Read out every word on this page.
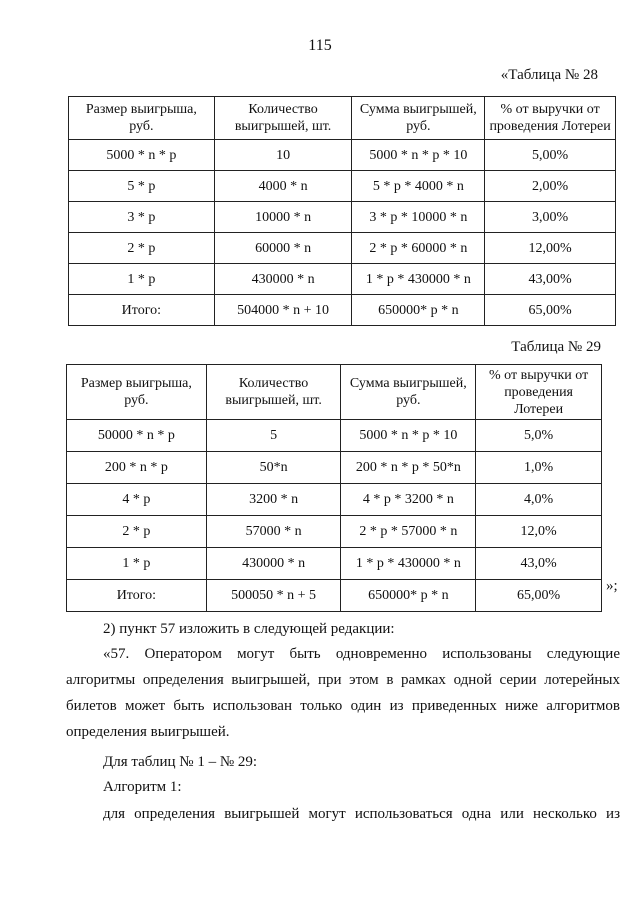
115
«Таблица № 28
Размер выигрыша, руб.	Количество выигрышей, шт.	Сумма выигрышей, руб.	% от выручки от проведения Лотереи
5000 * n * p	10	5000 * n * p * 10	5,00%
5 * p	4000 * n	5 * p * 4000 * n	2,00%
3 * p	10000 * n	3 * p * 10000 * n	3,00%
2 * p	60000 * n	2 * p * 60000 * n	12,00%
1 * p	430000 * n	1 * p * 430000 * n	43,00%
Итого:	504000 * n + 10	650000* p * n	65,00%
Таблица № 29
Размер выигрыша, руб.	Количество выигрышей, шт.	Сумма выигрышей, руб.	% от выручки от проведения Лотереи
50000 * n * p	5	5000 * n * p * 10	5,0%
200 * n * p	50*n	200 * n * p * 50*n	1,0%
4 * p	3200 * n	4 * p * 3200 * n	4,0%
2 * p	57000 * n	2 * p * 57000 * n	12,0%
1 * p	430000 * n	1 * p * 430000 * n	43,0%
Итого:	500050 * n + 5	650000* p * n	65,00%
»;
2) пункт 57 изложить в следующей редакции:
«57. Оператором могут быть одновременно использованы следующие
алгоритмы определения выигрышей, при этом в рамках одной серии лотерейных
билетов может быть использован только один из приведенных ниже алгоритмов
определения выигрышей.
Для таблиц № 1 – № 29:
Алгоритм 1:
для определения выигрышей могут использоваться одна или несколько из
